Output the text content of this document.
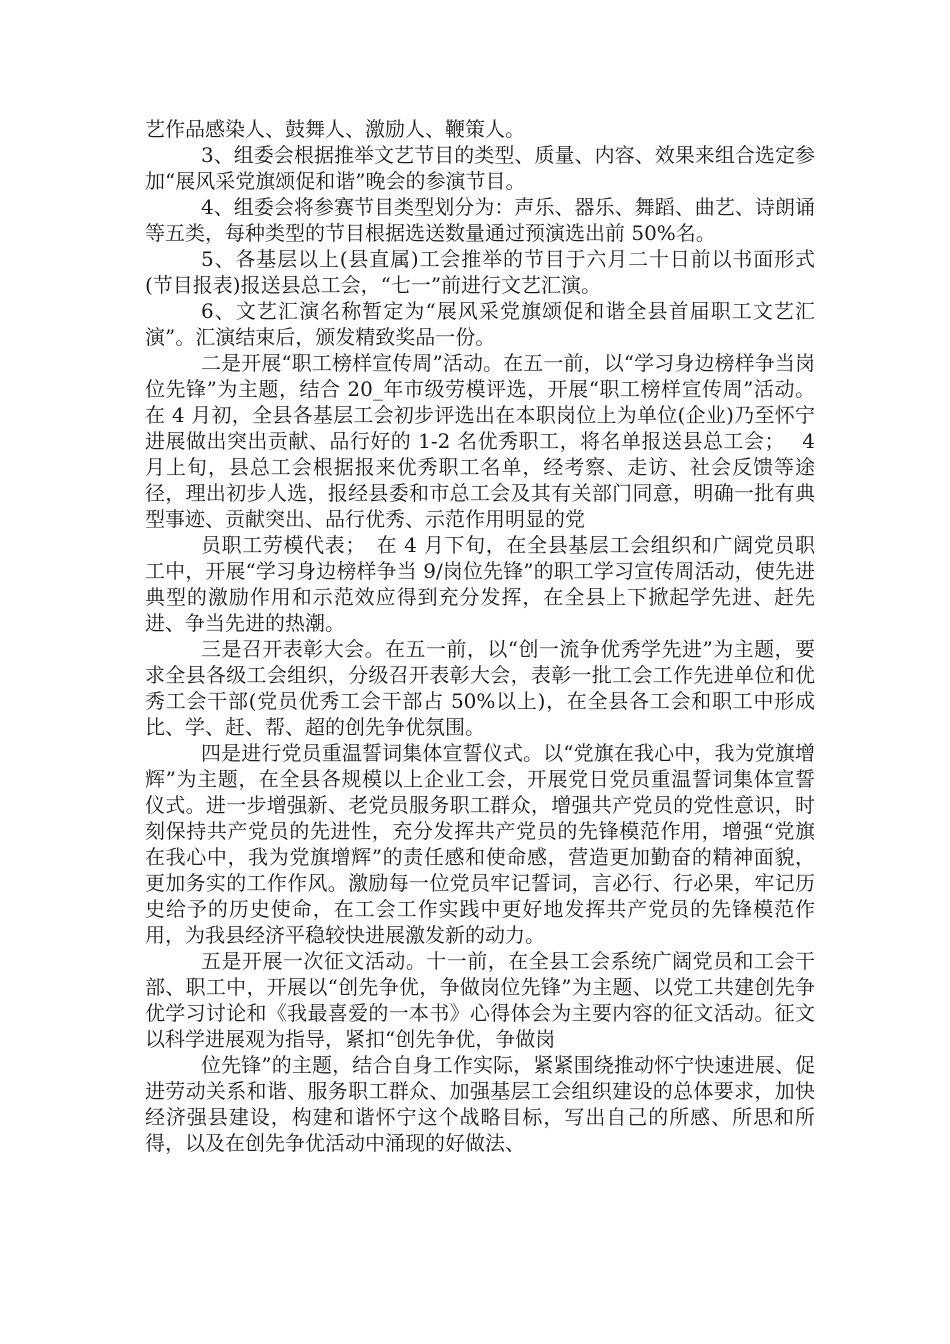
艺作品感染人、鼓舞人、激励人、鞭策人。

3、组委会根据推举文艺节目的类型、质量、内容、效果来组合选定参加“展风采党旗颂促和谐”晚会的参演节目。

4、组委会将参赛节目类型划分为：声乐、器乐、舞蹈、曲艺、诗朗诵等五类，每种类型的节目根据选送数量通过预演选出前 50%名。

5、各基层以上(县直属)工会推举的节目于六月二十日前以书面形式(节目报表)报送县总工会，“七一”前进行文艺汇演。

6、文艺汇演名称暂定为“展风采党旗颂促和谐全县首届职工文艺汇演”。汇演结束后，颁发精致奖品一份。

二是开展“职工榜样宣传周”活动。在五一前，以“学习身边榜样争当岗位先锋”为主题，结合 20_年市级劳模评选，开展“职工榜样宣传周”活动。在 4 月初，全县各基层工会初步评选出在本职岗位上为单位(企业)乃至怀宁进展做出突出贡献、品行好的 1-2 名优秀职工，将名单报送县总工会；　 4 月上旬，县总工会根据报来优秀职工名单，经考察、走访、社会反馈等途径，理出初步人选，报经县委和市总工会及其有关部门同意，明确一批有典型事迹、贡献突出、品行优秀、示范作用明显的党

员职工劳模代表；　在 4 月下旬，在全县基层工会组织和广阔党员职工中，开展“学习身边榜样争当 9/岗位先锋”的职工学习宣传周活动，使先进典型的激励作用和示范效应得到充分发挥，在全县上下掀起学先进、赶先进、争当先进的热潮。

三是召开表彰大会。在五一前，以“创一流争优秀学先进”为主题，要求全县各级工会组织，分级召开表彰大会，表彰一批工会工作先进单位和优秀工会干部(党员优秀工会干部占 50%以上)，在全县各工会和职工中形成比、学、赶、帮、超的创先争优氛围。

四是进行党员重温誓词集体宣誓仪式。以“党旗在我心中，我为党旗增辉”为主题，在全县各规模以上企业工会，开展党日党员重温誓词集体宣誓仪式。进一步增强新、老党员服务职工群众，增强共产党员的党性意识，时刻保持共产党员的先进性，充分发挥共产党员的先锋模范作用，增强“党旗在我心中，我为党旗增辉”的责任感和使命感，营造更加勤奋的精神面貌，更加务实的工作作风。激励每一位党员牢记誓词，言必行、行必果，牢记历史给予的历史使命，在工会工作实践中更好地发挥共产党员的先锋模范作用，为我县经济平稳较快进展激发新的动力。

五是开展一次征文活动。十一前，在全县工会系统广阔党员和工会干部、职工中，开展以“创先争优，争做岗位先锋”为主题、以党工共建创先争优学习讨论和《我最喜爱的一本书》心得体会为主要内容的征文活动。征文以科学进展观为指导，紧扣“创先争优，争做岗

位先锋”的主题，结合自身工作实际，紧紧围绕推动怀宁快速进展、促进劳动关系和谐、服务职工群众、加强基层工会组织建设的总体要求，加快经济强县建设，构建和谐怀宁这个战略目标，写出自己的所感、所思和所得，以及在创先争优活动中涌现的好做法、
